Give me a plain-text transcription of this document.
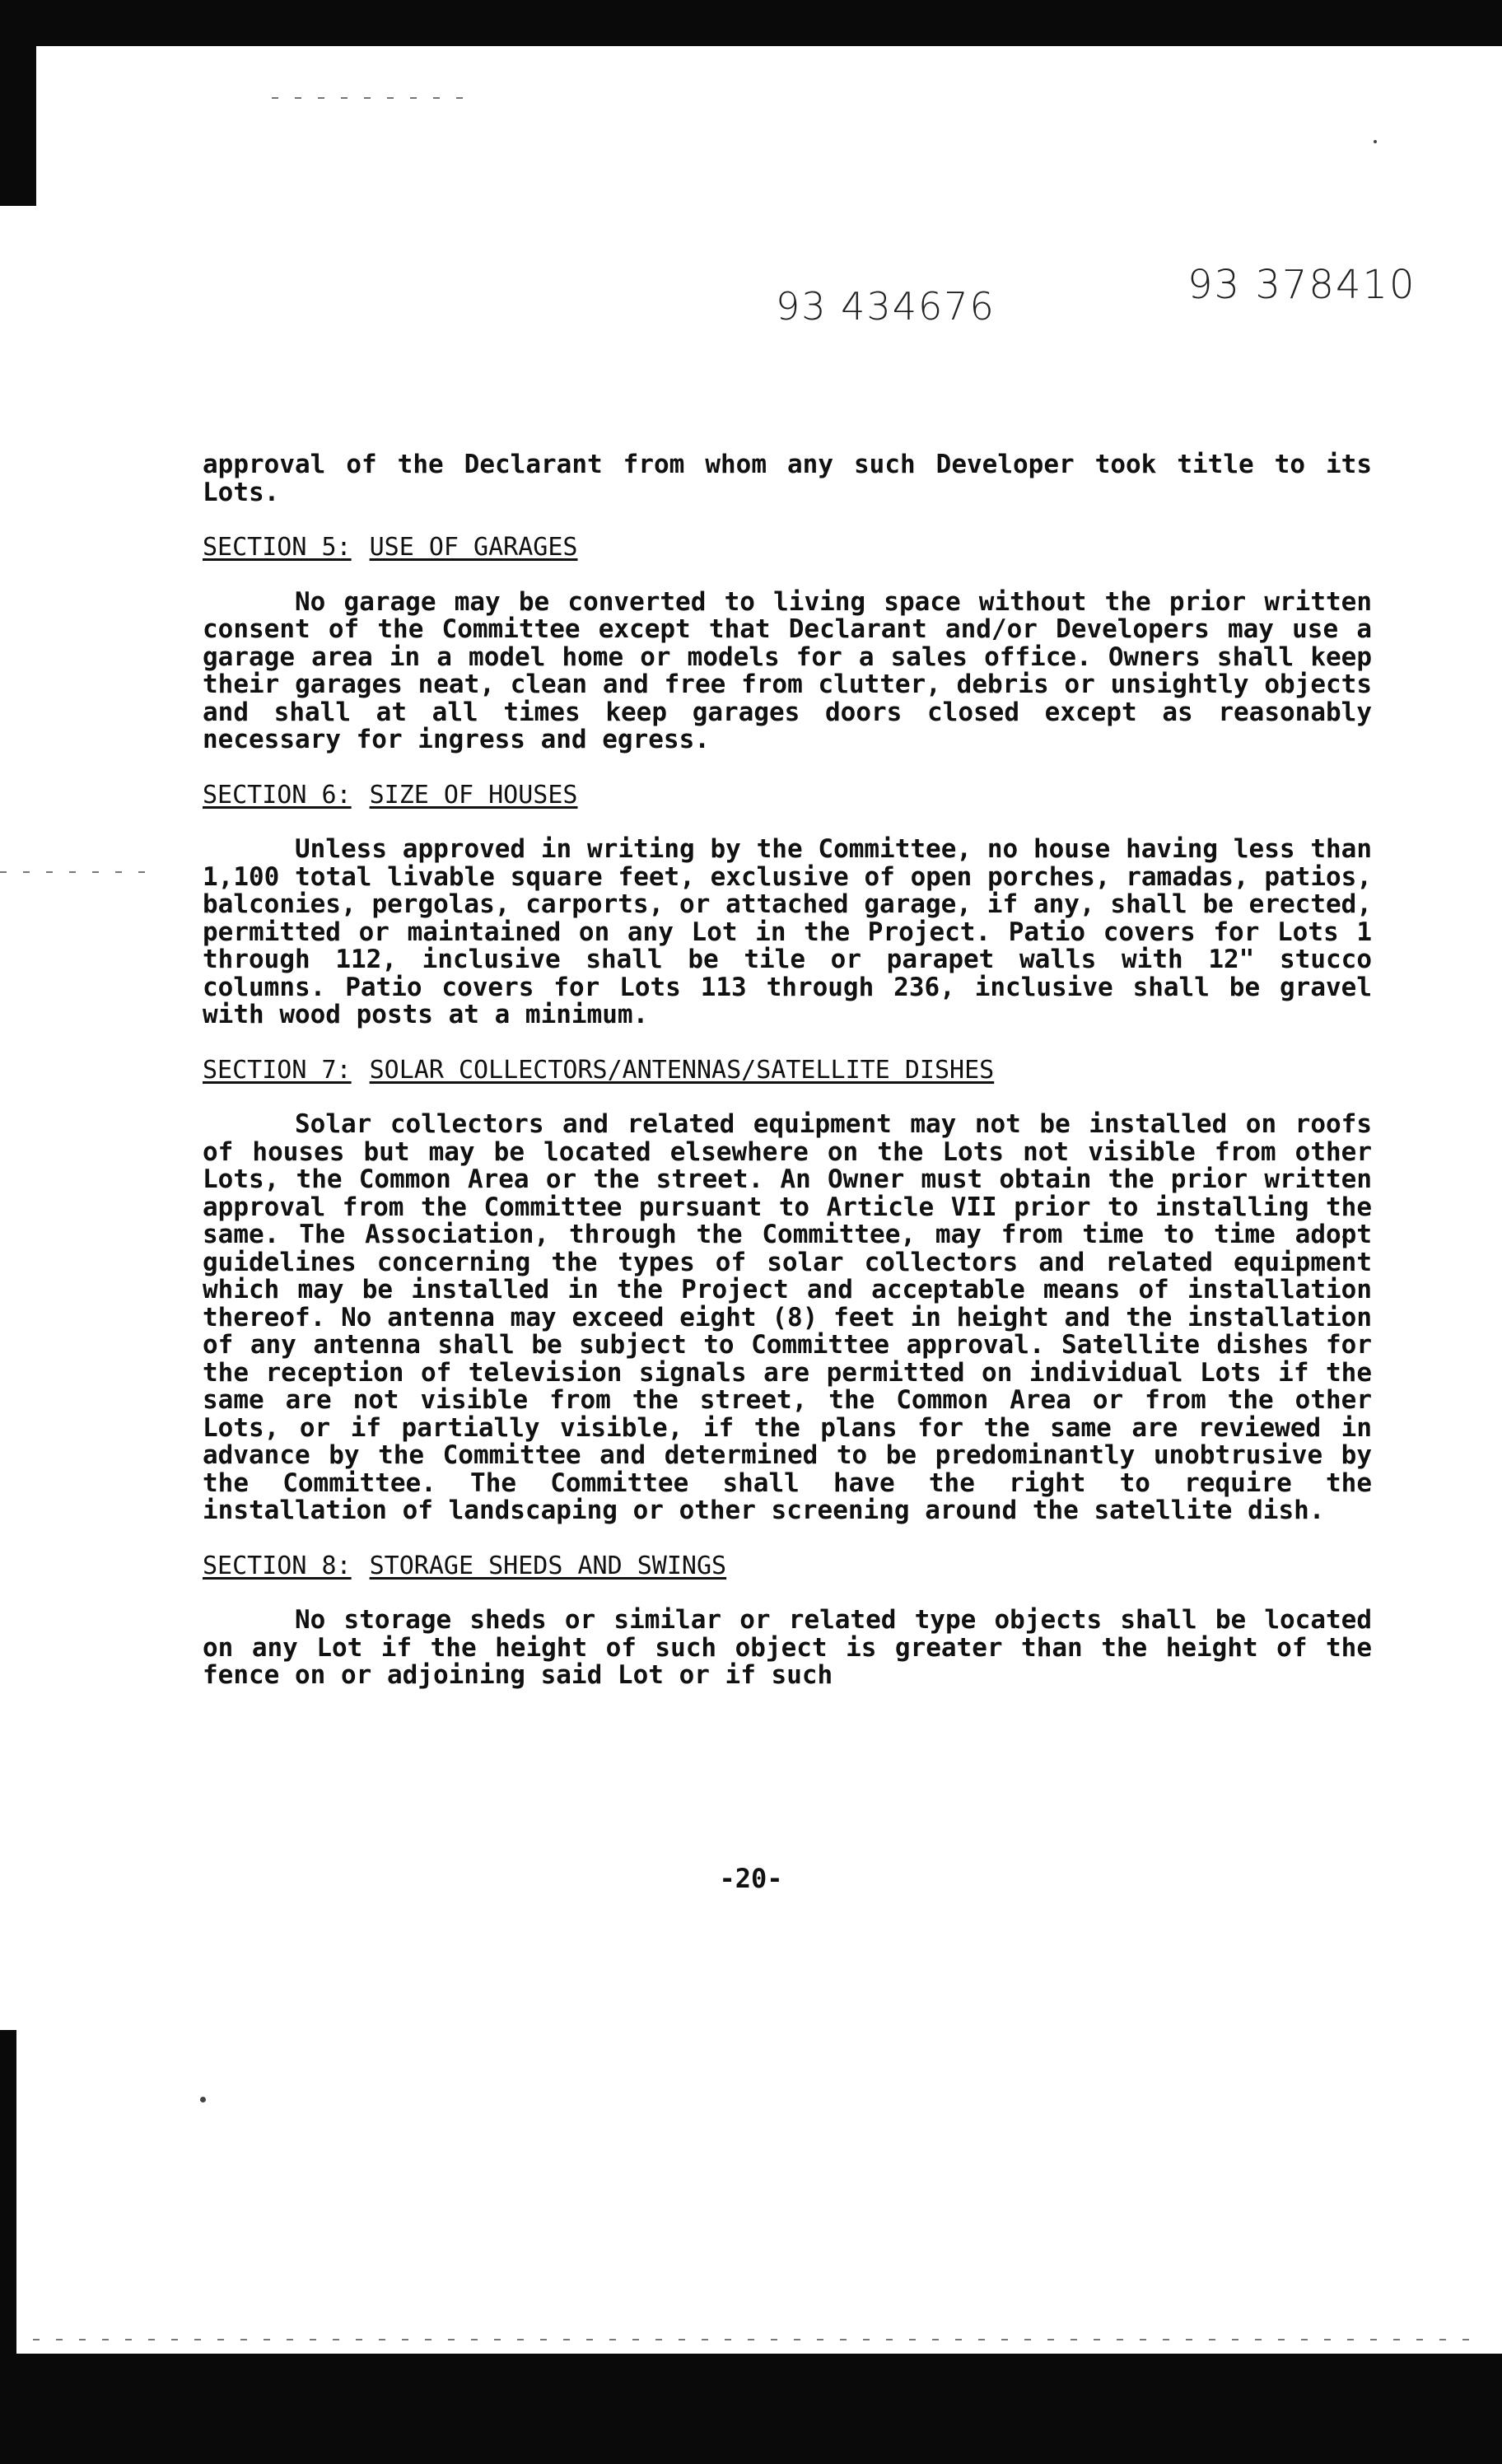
93 434676	93 378410

approval of the Declarant from whom any such Developer took title to its Lots.

SECTION 5: USE OF GARAGES

No garage may be converted to living space without the prior written consent of the Committee except that Declarant and/or Developers may use a garage area in a model home or models for a sales office. Owners shall keep their garages neat, clean and free from clutter, debris or unsightly objects and shall at all times keep garages doors closed except as reasonably necessary for ingress and egress.

SECTION 6: SIZE OF HOUSES

Unless approved in writing by the Committee, no house having less than 1,100 total livable square feet, exclusive of open porches, ramadas, patios, balconies, pergolas, carports, or attached garage, if any, shall be erected, permitted or maintained on any Lot in the Project. Patio covers for Lots 1 through 112, inclusive shall be tile or parapet walls with 12" stucco columns. Patio covers for Lots 113 through 236, inclusive shall be gravel with wood posts at a minimum.

SECTION 7: SOLAR COLLECTORS/ANTENNAS/SATELLITE DISHES

Solar collectors and related equipment may not be installed on roofs of houses but may be located elsewhere on the Lots not visible from other Lots, the Common Area or the street. An Owner must obtain the prior written approval from the Committee pursuant to Article VII prior to installing the same. The Association, through the Committee, may from time to time adopt guidelines concerning the types of solar collectors and related equipment which may be installed in the Project and acceptable means of installation thereof. No antenna may exceed eight (8) feet in height and the installation of any antenna shall be subject to Committee approval. Satellite dishes for the reception of television signals are permitted on individual Lots if the same are not visible from the street, the Common Area or from the other Lots, or if partially visible, if the plans for the same are reviewed in advance by the Committee and determined to be predominantly unobtrusive by the Committee. The Committee shall have the right to require the installation of landscaping or other screening around the satellite dish.

SECTION 8: STORAGE SHEDS AND SWINGS

No storage sheds or similar or related type objects shall be located on any Lot if the height of such object is greater than the height of the fence on or adjoining said Lot or if such

-20-
